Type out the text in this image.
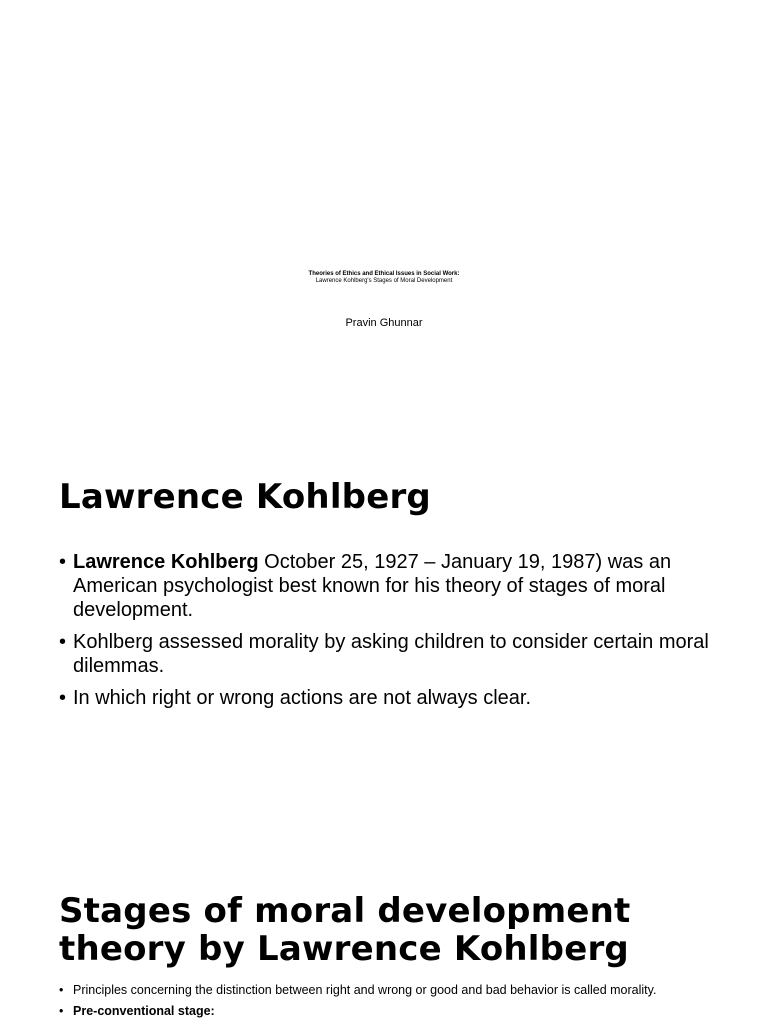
Theories of Ethics and Ethical Issues in Social Work:
Lawrence Kohlberg's Stages of Moral Development
Pravin Ghunnar
Lawrence Kohlberg
• Lawrence Kohlberg October 25, 1927 – January 19, 1987) was an American psychologist best known for his theory of stages of moral development.
• Kohlberg assessed morality by asking children to consider certain moral dilemmas.
• In which right or wrong actions are not always clear.
Stages of moral development theory by Lawrence Kohlberg
• Principles concerning the distinction between right and wrong or good and bad behavior is called morality.
• Pre-conventional stage:
